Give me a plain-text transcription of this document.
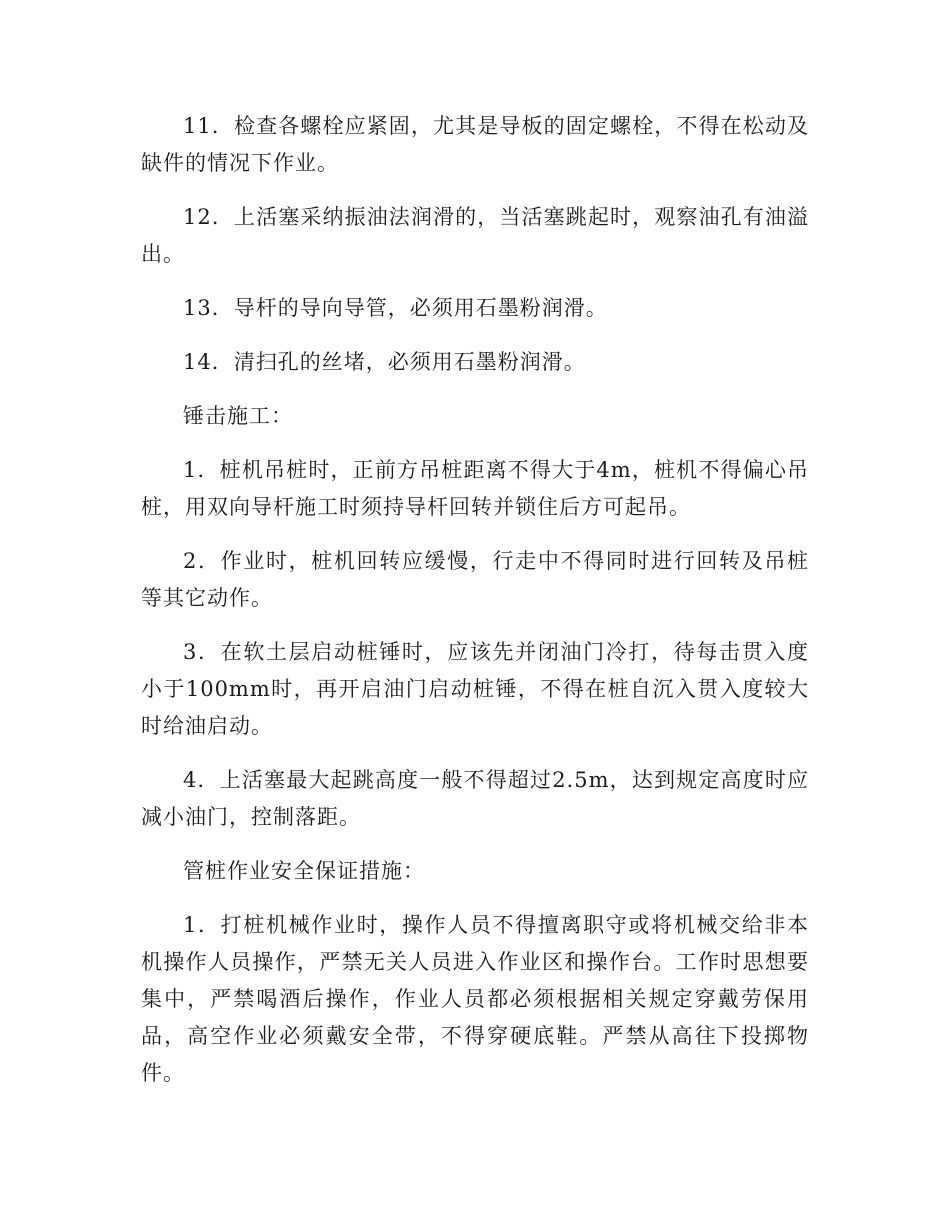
11．检查各螺栓应紧固，尤其是导板的固定螺栓，不得在松动及缺件的情况下作业。

12．上活塞采纳振油法润滑的，当活塞跳起时，观察油孔有油溢出。

13．导杆的导向导管，必须用石墨粉润滑。

14．清扫孔的丝堵，必须用石墨粉润滑。

锤击施工：

1．桩机吊桩时，正前方吊桩距离不得大于4m，桩机不得偏心吊桩，用双向导杆施工时须持导杆回转并锁住后方可起吊。

2．作业时，桩机回转应缓慢，行走中不得同时进行回转及吊桩等其它动作。

3．在软土层启动桩锤时，应该先并闭油门冷打，待每击贯入度小于100mm时，再开启油门启动桩锤，不得在桩自沉入贯入度较大时给油启动。

4．上活塞最大起跳高度一般不得超过2.5m，达到规定高度时应减小油门，控制落距。

管桩作业安全保证措施：

1．打桩机械作业时，操作人员不得擅离职守或将机械交给非本机操作人员操作，严禁无关人员进入作业区和操作台。工作时思想要集中，严禁喝酒后操作，作业人员都必须根据相关规定穿戴劳保用品，高空作业必须戴安全带，不得穿硬底鞋。严禁从高往下投掷物件。
